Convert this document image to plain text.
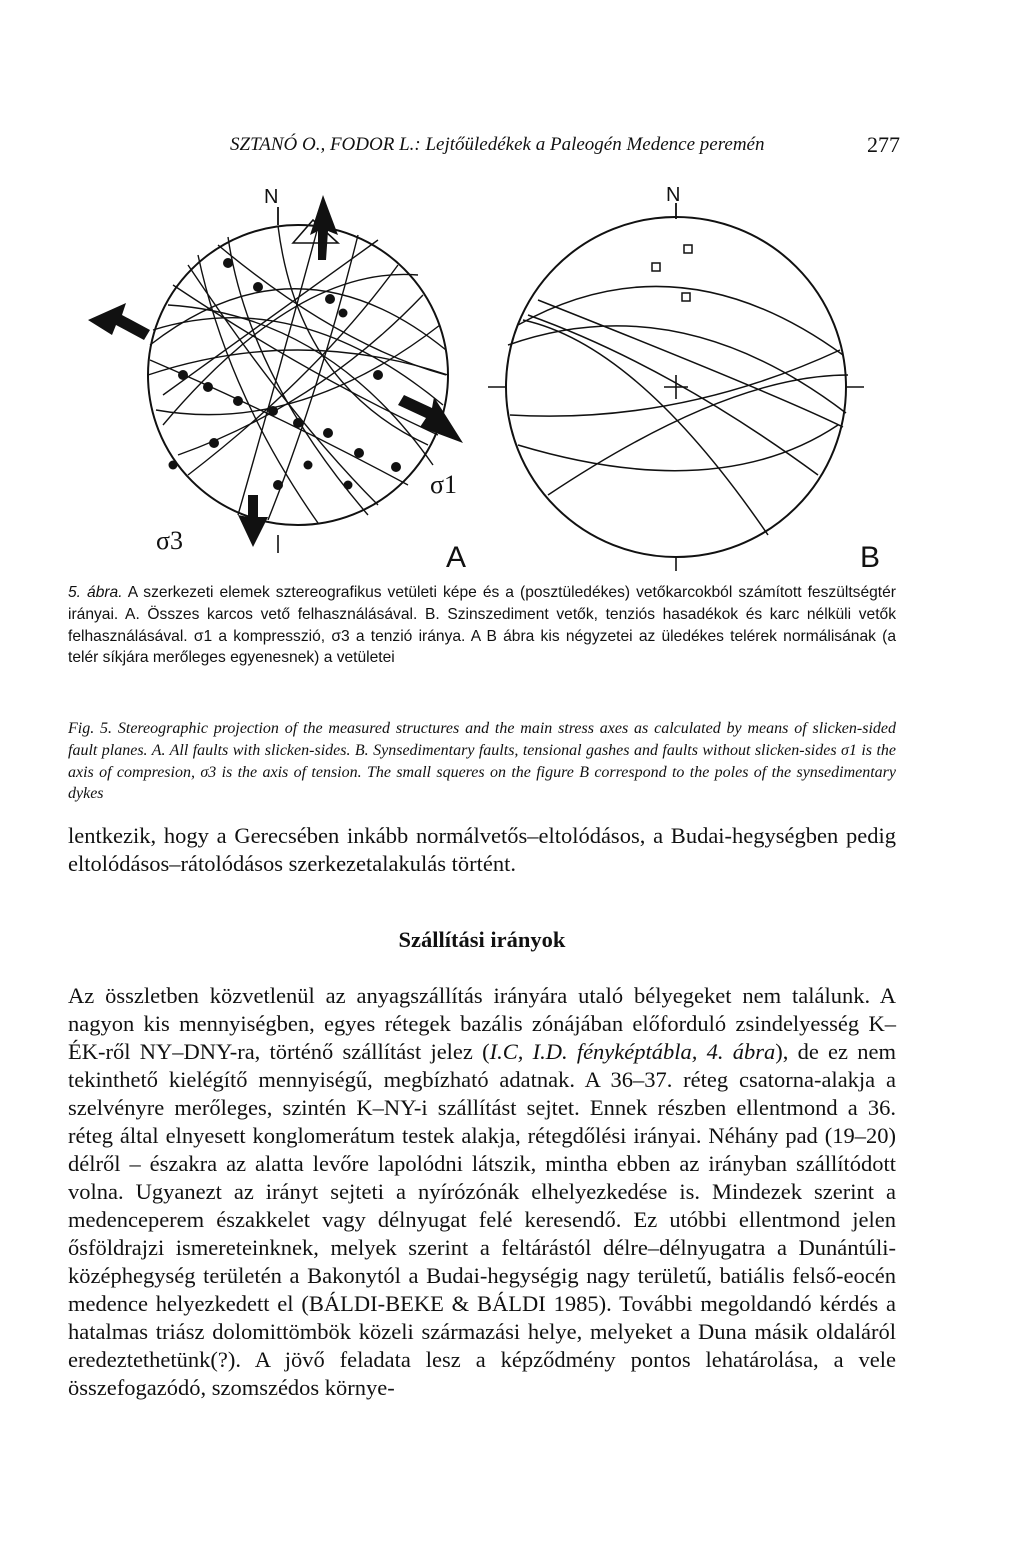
SZTANÓ O., FODOR L.: Lejtőüledékek a Paleogén Medence peremén	277
N
σ1
σ3
A
N
B
5. ábra. A szerkezeti elemek sztereografikus vetületi képe és a (posztüledékes) vetőkarcokból számított feszültségtér irányai. A. Összes karcos vető felhasználásával. B. Szinszediment vetők, tenziós hasadékok és karc nélküli vetők felhasználásával. σ1 a kompresszió, σ3 a tenzió iránya. A B ábra kis négyzetei az üledékes telérek normálisának (a telér síkjára merőleges egyenesnek) a vetületei
Fig. 5. Stereographic projection of the measured structures and the main stress axes as calculated by means of slicken-sided fault planes. A. All faults with slicken-sides. B. Synsedimentary faults, tensional gashes and faults without slicken-sides σ1 is the axis of compresion, σ3 is the axis of tension. The small squeres on the figure B correspond to the poles of the synsedimentary dykes
lentkezik, hogy a Gerecsében inkább normálvetős–eltolódásos, a Budai-hegységben pedig eltolódásos–rátolódásos szerkezetalakulás történt.
Szállítási irányok
Az összletben közvetlenül az anyagszállítás irányára utaló bélyegeket nem találunk. A nagyon kis mennyiségben, egyes rétegek bazális zónájában előforduló zsindelyesség K–ÉK-ről NY–DNY-ra, történő szállítást jelez (I.C, I.D. fényképtábla, 4. ábra), de ez nem tekinthető kielégítő mennyiségű, megbízható adatnak. A 36–37. réteg csatorna-alakja a szelvényre merőleges, szintén K–NY-i szállítást sejtet. Ennek részben ellentmond a 36. réteg által elnyesett konglomerátum testek alakja, rétegdőlési irányai. Néhány pad (19–20) délről – északra az alatta levőre lapolódni látszik, mintha ebben az irányban szállítódott volna. Ugyanezt az irányt sejteti a nyírózónák elhelyezkedése is. Mindezek szerint a medenceperem északkelet vagy délnyugat felé keresendő. Ez utóbbi ellentmond jelen ősföldrajzi ismereteinknek, melyek szerint a feltárástól délre–délnyugatra a Dunántúli-középhegység területén a Bakonytól a Budai-hegységig nagy területű, batiális felső-eocén medence helyezkedett el (BÁLDI-BEKE & BÁLDI 1985). További megoldandó kérdés a hatalmas triász dolomittömbök közeli származási helye, melyeket a Duna másik oldaláról eredeztethetünk(?). A jövő feladata lesz a képződmény pontos lehatárolása, a vele összefogazódó, szomszédos környe-
